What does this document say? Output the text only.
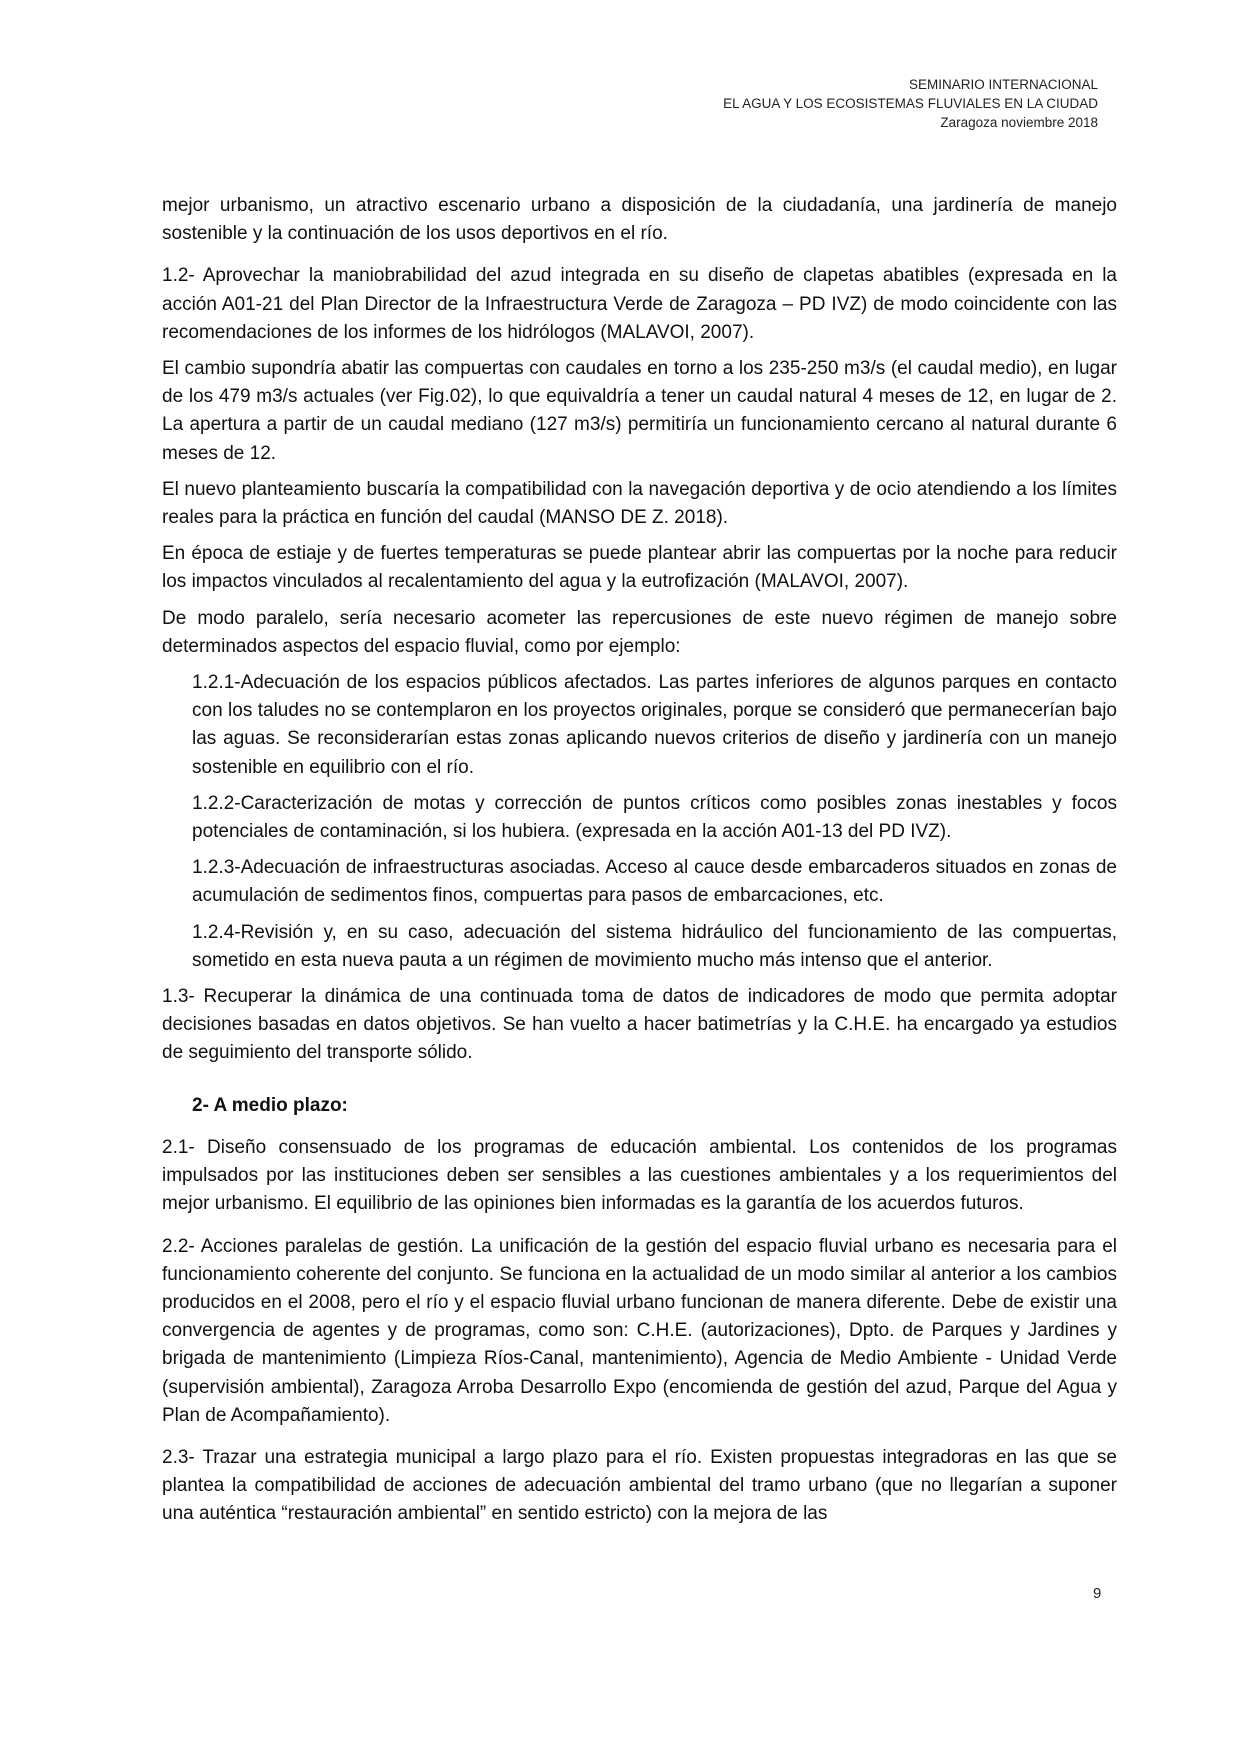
SEMINARIO INTERNACIONAL
EL AGUA Y LOS ECOSISTEMAS FLUVIALES EN LA CIUDAD
Zaragoza noviembre 2018

mejor urbanismo, un atractivo escenario urbano a disposición de la ciudadanía, una jardinería de manejo sostenible y la continuación de los usos deportivos en el río.

1.2- Aprovechar la maniobrabilidad del azud integrada en su diseño de clapetas abatibles (expresada en la acción A01-21 del Plan Director de la Infraestructura Verde de Zaragoza – PD IVZ) de modo coincidente con las recomendaciones de los informes de los hidrólogos (MALAVOI, 2007).

El cambio supondría abatir las compuertas con caudales en torno a los 235-250 m3/s (el caudal medio), en lugar de los 479 m3/s actuales (ver Fig.02), lo que equivaldría a tener un caudal natural 4 meses de 12, en lugar de 2. La apertura a partir de un caudal mediano (127 m3/s) permitiría un funcionamiento cercano al natural durante 6 meses de 12.

El nuevo planteamiento buscaría la compatibilidad con la navegación deportiva y de ocio atendiendo a los límites reales para la práctica en función del caudal (MANSO DE Z. 2018).

En época de estiaje y de fuertes temperaturas se puede plantear abrir las compuertas por la noche para reducir los impactos vinculados al recalentamiento del agua y la eutrofización (MALAVOI, 2007).

De modo paralelo, sería necesario acometer las repercusiones de este nuevo régimen de manejo sobre determinados aspectos del espacio fluvial, como por ejemplo:

1.2.1-Adecuación de los espacios públicos afectados. Las partes inferiores de algunos parques en contacto con los taludes no se contemplaron en los proyectos originales, porque se consideró que permanecerían bajo las aguas. Se reconsiderarían estas zonas aplicando nuevos criterios de diseño y jardinería con un manejo sostenible en equilibrio con el río.

1.2.2-Caracterización de motas y corrección de puntos críticos como posibles zonas inestables y focos potenciales de contaminación, si los hubiera. (expresada en la acción A01-13 del PD IVZ).

1.2.3-Adecuación de infraestructuras asociadas. Acceso al cauce desde embarcaderos situados en zonas de acumulación de sedimentos finos, compuertas para pasos de embarcaciones, etc.

1.2.4-Revisión y, en su caso, adecuación del sistema hidráulico del funcionamiento de las compuertas, sometido en esta nueva pauta a un régimen de movimiento mucho más intenso que el anterior.

1.3- Recuperar la dinámica de una continuada toma de datos de indicadores de modo que permita adoptar decisiones basadas en datos objetivos. Se han vuelto a hacer batimetrías y la C.H.E. ha encargado ya estudios de seguimiento del transporte sólido.

2- A medio plazo:

2.1- Diseño consensuado de los programas de educación ambiental. Los contenidos de los programas impulsados por las instituciones deben ser sensibles a las cuestiones ambientales y a los requerimientos del mejor urbanismo. El equilibrio de las opiniones bien informadas es la garantía de los acuerdos futuros.

2.2- Acciones paralelas de gestión. La unificación de la gestión del espacio fluvial urbano es necesaria para el funcionamiento coherente del conjunto. Se funciona en la actualidad de un modo similar al anterior a los cambios producidos en el 2008, pero el río y el espacio fluvial urbano funcionan de manera diferente. Debe de existir una convergencia de agentes y de programas, como son: C.H.E. (autorizaciones), Dpto. de Parques y Jardines y brigada de mantenimiento (Limpieza Ríos-Canal, mantenimiento), Agencia de Medio Ambiente - Unidad Verde (supervisión ambiental), Zaragoza Arroba Desarrollo Expo (encomienda de gestión del azud, Parque del Agua y Plan de Acompañamiento).

2.3- Trazar una estrategia municipal a largo plazo para el río. Existen propuestas integradoras en las que se plantea la compatibilidad de acciones de adecuación ambiental del tramo urbano (que no llegarían a suponer una auténtica “restauración ambiental” en sentido estricto) con la mejora de las

9
